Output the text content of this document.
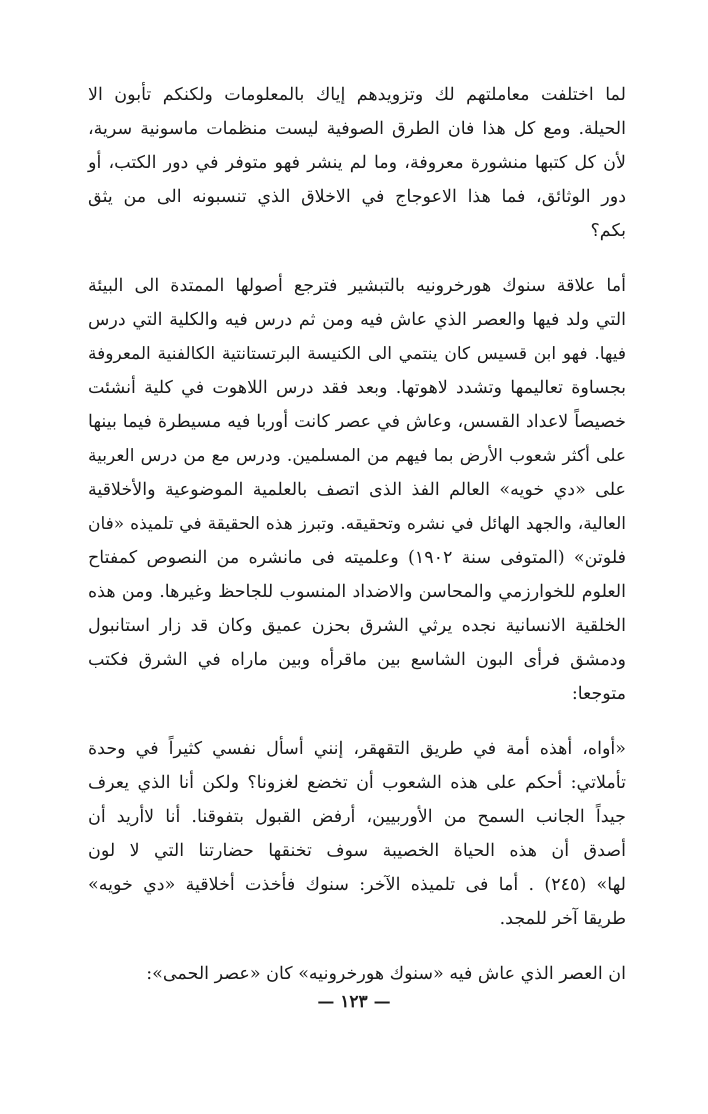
لما اختلفت معاملتهم لك وتزويدهم إياك بالمعلومات ولكنكم تأبون الا
الحيلة. ومع كل هذا فان الطرق الصوفية ليست منظمات ماسونية سرية،
لأن كل كتبها منشورة معروفة، وما لم ينشر فهو متوفر في دور الكتب، أو
دور الوثائق، فما هذا الاعوجاج في الاخلاق الذي تنسبونه الى من يثق
بكم؟

أما علاقة سنوك هورخرونيه بالتبشير فترجع أصولها الممتدة الى البيئة
التي ولد فيها والعصر الذي عاش فيه ومن ثم درس فيه والكلية التي درس
فيها. فهو ابن قسيس كان ينتمي الى الكنيسة البرتستانتية الكالفنية المعروفة
بجساوة تعاليمها وتشدد لاهوتها. وبعد فقد درس اللاهوت في كلية أنشئت
خصيصاً لاعداد القسس، وعاش في عصر كانت أوربا فيه مسيطرة فيما بينها
على أكثر شعوب الأرض بما فيهم من المسلمين. ودرس مع من درس العربية
على «دي خويه» العالم الفذ الذى اتصف بالعلمية الموضوعية والأخلاقية
العالية، والجهد الهائل في نشره وتحقيقه. وتبرز هذه الحقيقة في تلميذه «فان
فلوتن» (المتوفى سنة ١٩٠٢) وعلميته فى مانشره من النصوص كمفتاح
العلوم للخوارزمي والمحاسن والاضداد المنسوب للجاحظ وغيرها. ومن هذه
الخلقية الانسانية نجده يرثي الشرق بحزن عميق وكان قد زار استانبول
ودمشق فرأى البون الشاسع بين ماقرأه وبين ماراه في الشرق فكتب
متوجعا:

«أواه، أهذه أمة في طريق التقهقر، إنني أسأل نفسي كثيراً في وحدة
تأملاتي: أحكم على هذه الشعوب أن تخضع لغزونا؟ ولكن أنا الذي يعرف
جيداً الجانب السمح من الأوربيين، أرفض القبول بتفوقنا. أنا لاأريد أن
أصدق أن هذه الحياة الخصيبة سوف تخنقها حضارتنا التي لا لون
لها» (٢٤٥) . أما فى تلميذه الآخر: سنوك فأخذت أخلاقية «دي خويه»
طريقا آخر للمجد.

ان العصر الذي عاش فيه «سنوك هورخرونيه» كان «عصر الحمى»:

— ١٢٣ —
